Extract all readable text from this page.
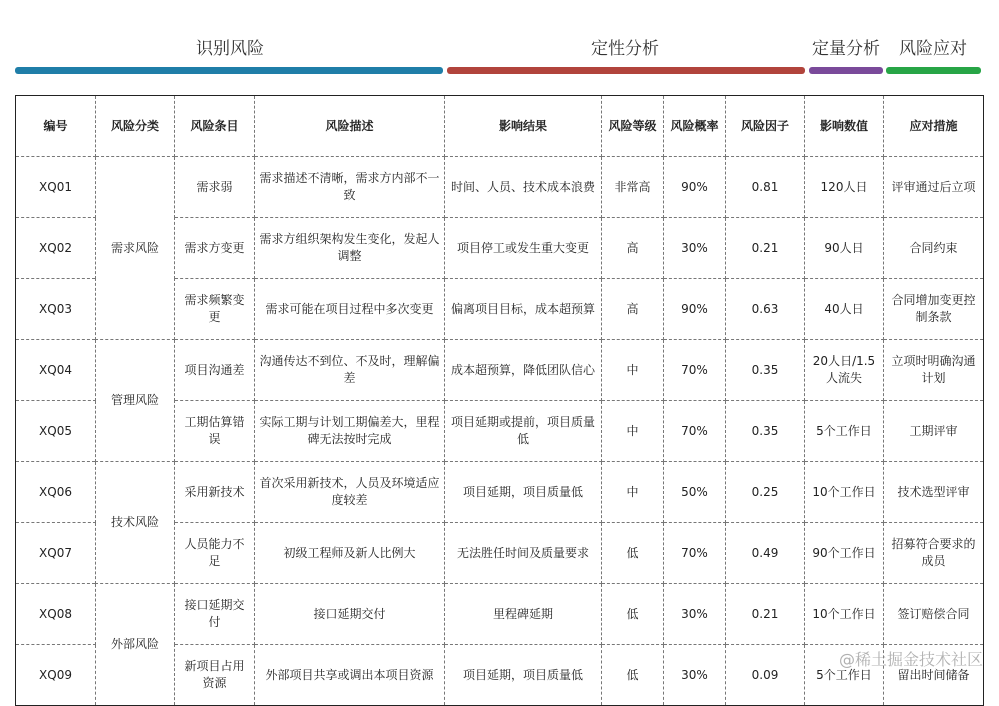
识别风险	定性分析	定量分析 风险应对
编号	风险分类	风险条目	风险描述	影响结果	风险等级	风险概率	风险因子	影响数值	应对措施
XQ01	需求风险	需求弱	需求描述不清晰，需求方内部不一致	时间、人员、技术成本浪费	非常高	90%	0.81	120人日	评审通过后立项
XQ02		需求方变更	需求方组织架构发生变化，发起人调整	项目停工或发生重大变更	高	30%	0.21	90人日	合同约束
XQ03		需求频繁变更	需求可能在项目过程中多次变更	偏离项目目标，成本超预算	高	90%	0.63	40人日	合同增加变更控制条款
XQ04	管理风险	项目沟通差	沟通传达不到位、不及时，理解偏差	成本超预算，降低团队信心	中	70%	0.35	20人日/1.5人流失	立项时明确沟通计划
XQ05		工期估算错误	实际工期与计划工期偏差大，里程碑无法按时完成	项目延期或提前，项目质量低	中	70%	0.35	5个工作日	工期评审
XQ06	技术风险	采用新技术	首次采用新技术，人员及环境适应度较差	项目延期，项目质量低	中	50%	0.25	10个工作日	技术选型评审
XQ07		人员能力不足	初级工程师及新人比例大	无法胜任时间及质量要求	低	70%	0.49	90个工作日	招募符合要求的成员
XQ08	外部风险	接口延期交付	接口延期交付	里程碑延期	低	30%	0.21	10个工作日	签订赔偿合同
XQ09		新项目占用资源	外部项目共享或调出本项目资源	项目延期，项目质量低	低	30%	0.09	5个工作日	留出时间储备
@稀土掘金技术社区
